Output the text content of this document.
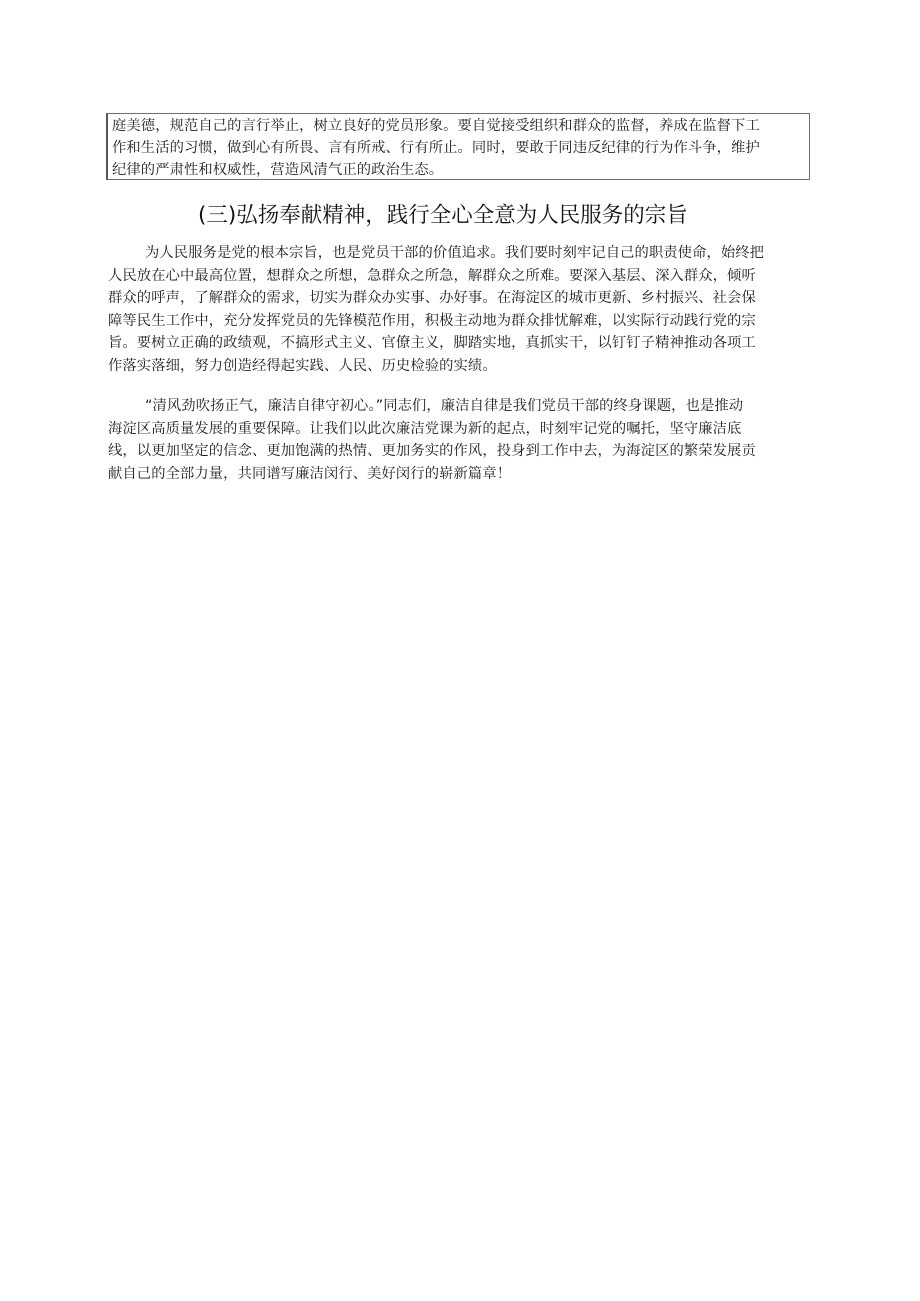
庭美德，规范自己的言行举止，树立良好的党员形象。要自觉接受组织和群众的监督，养成在监督下工
作和生活的习惯，做到心有所畏、言有所戒、行有所止。同时，要敢于同违反纪律的行为作斗争，维护
纪律的严肃性和权威性，营造风清气正的政治生态。
(三)弘扬奉献精神，践行全心全意为人民服务的宗旨
为人民服务是党的根本宗旨，也是党员干部的价值追求。我们要时刻牢记自己的职责使命，始终把
人民放在心中最高位置，想群众之所想，急群众之所急，解群众之所难。要深入基层、深入群众，倾听
群众的呼声，了解群众的需求，切实为群众办实事、办好事。在海淀区的城市更新、乡村振兴、社会保
障等民生工作中，充分发挥党员的先锋模范作用，积极主动地为群众排忧解难，以实际行动践行党的宗
旨。要树立正确的政绩观，不搞形式主义、官僚主义，脚踏实地，真抓实干，以钉钉子精神推动各项工
作落实落细，努力创造经得起实践、人民、历史检验的实绩。
“清风劲吹扬正气，廉洁自律守初心。”同志们，廉洁自律是我们党员干部的终身课题，也是推动
海淀区高质量发展的重要保障。让我们以此次廉洁党课为新的起点，时刻牢记党的嘱托，坚守廉洁底
线，以更加坚定的信念、更加饱满的热情、更加务实的作风，投身到工作中去，为海淀区的繁荣发展贡
献自己的全部力量，共同谱写廉洁闵行、美好闵行的崭新篇章！
